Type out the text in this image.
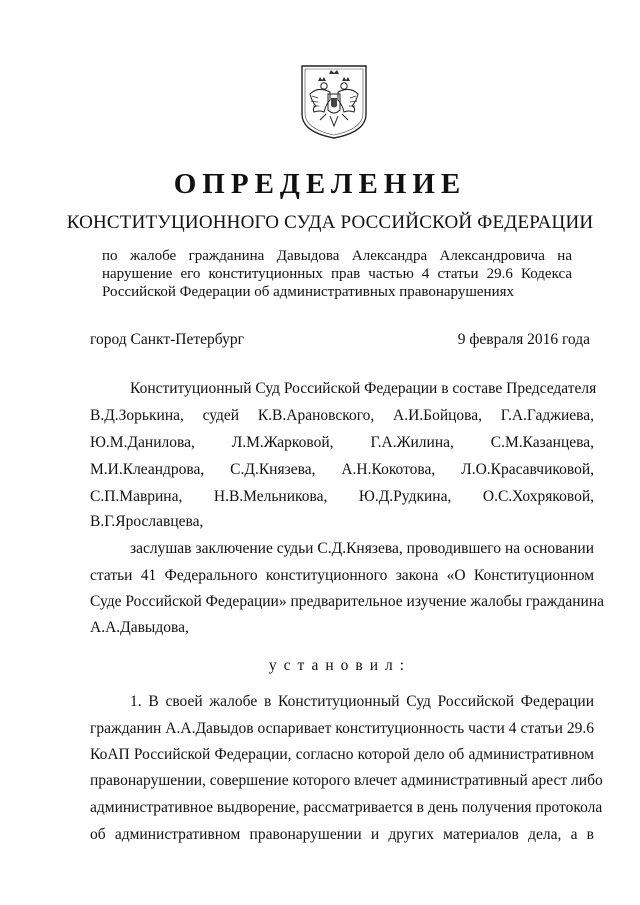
ОПРЕДЕЛЕНИЕ
КОНСТИТУЦИОННОГО СУДА РОССИЙСКОЙ ФЕДЕРАЦИИ
по жалобе гражданина Давыдова Александра Александровича на
нарушение его конституционных прав частью 4 статьи 29.6 Кодекса
Российской Федерации об административных правонарушениях
город Санкт-Петербург	9 февраля 2016 года
Конституционный Суд Российской Федерации в составе Председателя
В.Д.Зорькина, судей К.В.Арановского, А.И.Бойцова, Г.А.Гаджиева,
Ю.М.Данилова, Л.М.Жарковой, Г.А.Жилина, С.М.Казанцева,
М.И.Клеандрова, С.Д.Князева, А.Н.Кокотова, Л.О.Красавчиковой,
С.П.Маврина, Н.В.Мельникова, Ю.Д.Рудкина, О.С.Хохряковой,
В.Г.Ярославцева,
заслушав заключение судьи С.Д.Князева, проводившего на основании
статьи 41 Федерального конституционного закона «О Конституционном
Суде Российской Федерации» предварительное изучение жалобы гражданина
А.А.Давыдова,
установил:
1. В своей жалобе в Конституционный Суд Российской Федерации
гражданин А.А.Давыдов оспаривает конституционность части 4 статьи 29.6
КоАП Российской Федерации, согласно которой дело об административном
правонарушении, совершение которого влечет административный арест либо
административное выдворение, рассматривается в день получения протокола
об административном правонарушении и других материалов дела, а в
